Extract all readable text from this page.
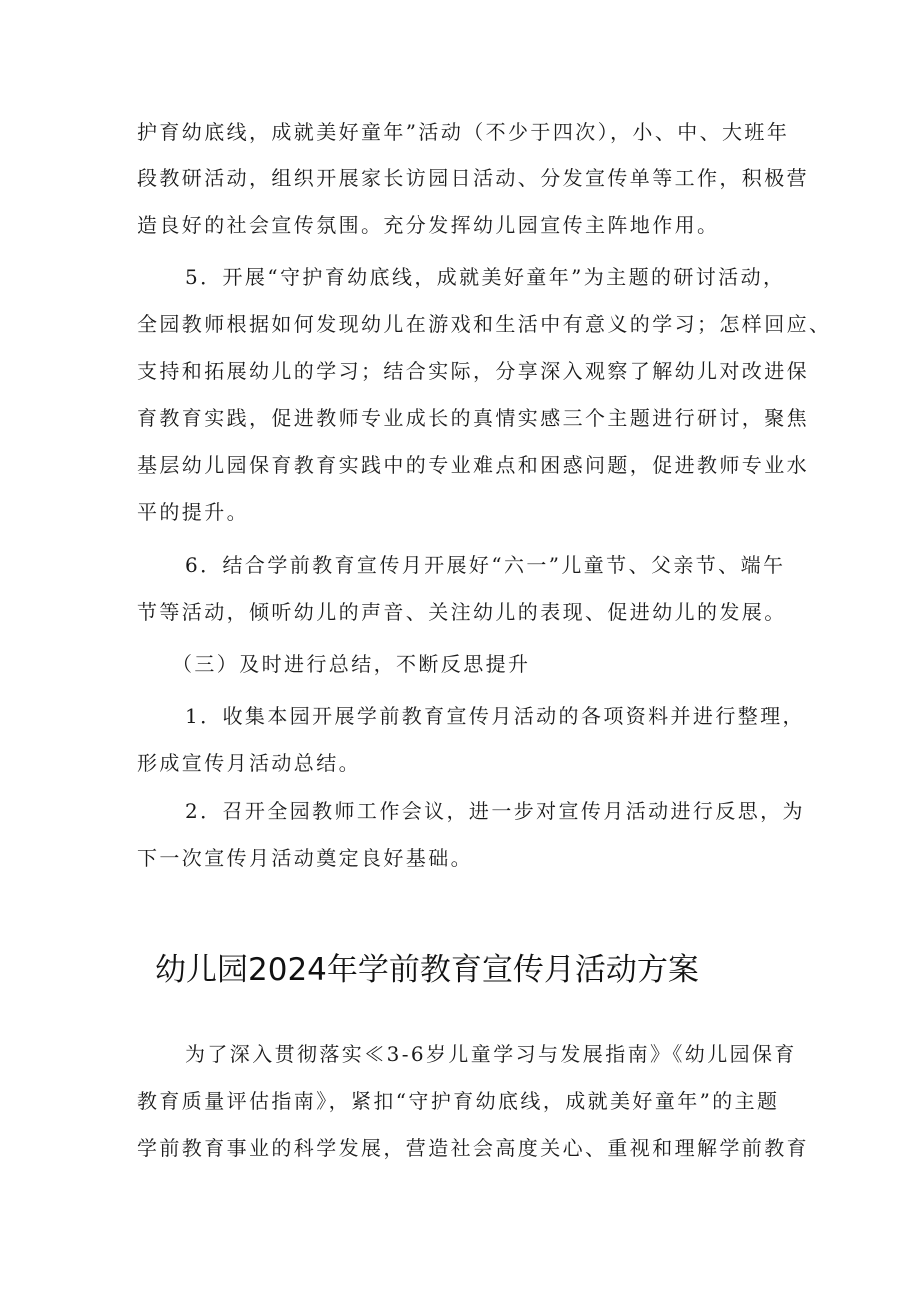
护育幼底线，成就美好童年”活动（不少于四次），小、中、大班年
段教研活动，组织开展家长访园日活动、分发宣传单等工作，积极营
造良好的社会宣传氛围。充分发挥幼儿园宣传主阵地作用。
5．开展“守护育幼底线，成就美好童年”为主题的研讨活动，
全园教师根据如何发现幼儿在游戏和生活中有意义的学习；怎样回应、
支持和拓展幼儿的学习；结合实际，分享深入观察了解幼儿对改进保
育教育实践，促进教师专业成长的真情实感三个主题进行研讨，聚焦
基层幼儿园保育教育实践中的专业难点和困惑问题，促进教师专业水
平的提升。
6．结合学前教育宣传月开展好“六一”儿童节、父亲节、端午
节等活动，倾听幼儿的声音、关注幼儿的表现、促进幼儿的发展。
（三）及时进行总结，不断反思提升
1．收集本园开展学前教育宣传月活动的各项资料并进行整理，
形成宣传月活动总结。
2．召开全园教师工作会议，进一步对宣传月活动进行反思，为
下一次宣传月活动奠定良好基础。
幼儿园2024年学前教育宣传月活动方案
为了深入贯彻落实≪3-6岁儿童学习与发展指南》《幼儿园保育
教育质量评估指南》，紧扣“守护育幼底线，成就美好童年”的主题
学前教育事业的科学发展，营造社会高度关心、重视和理解学前教育
